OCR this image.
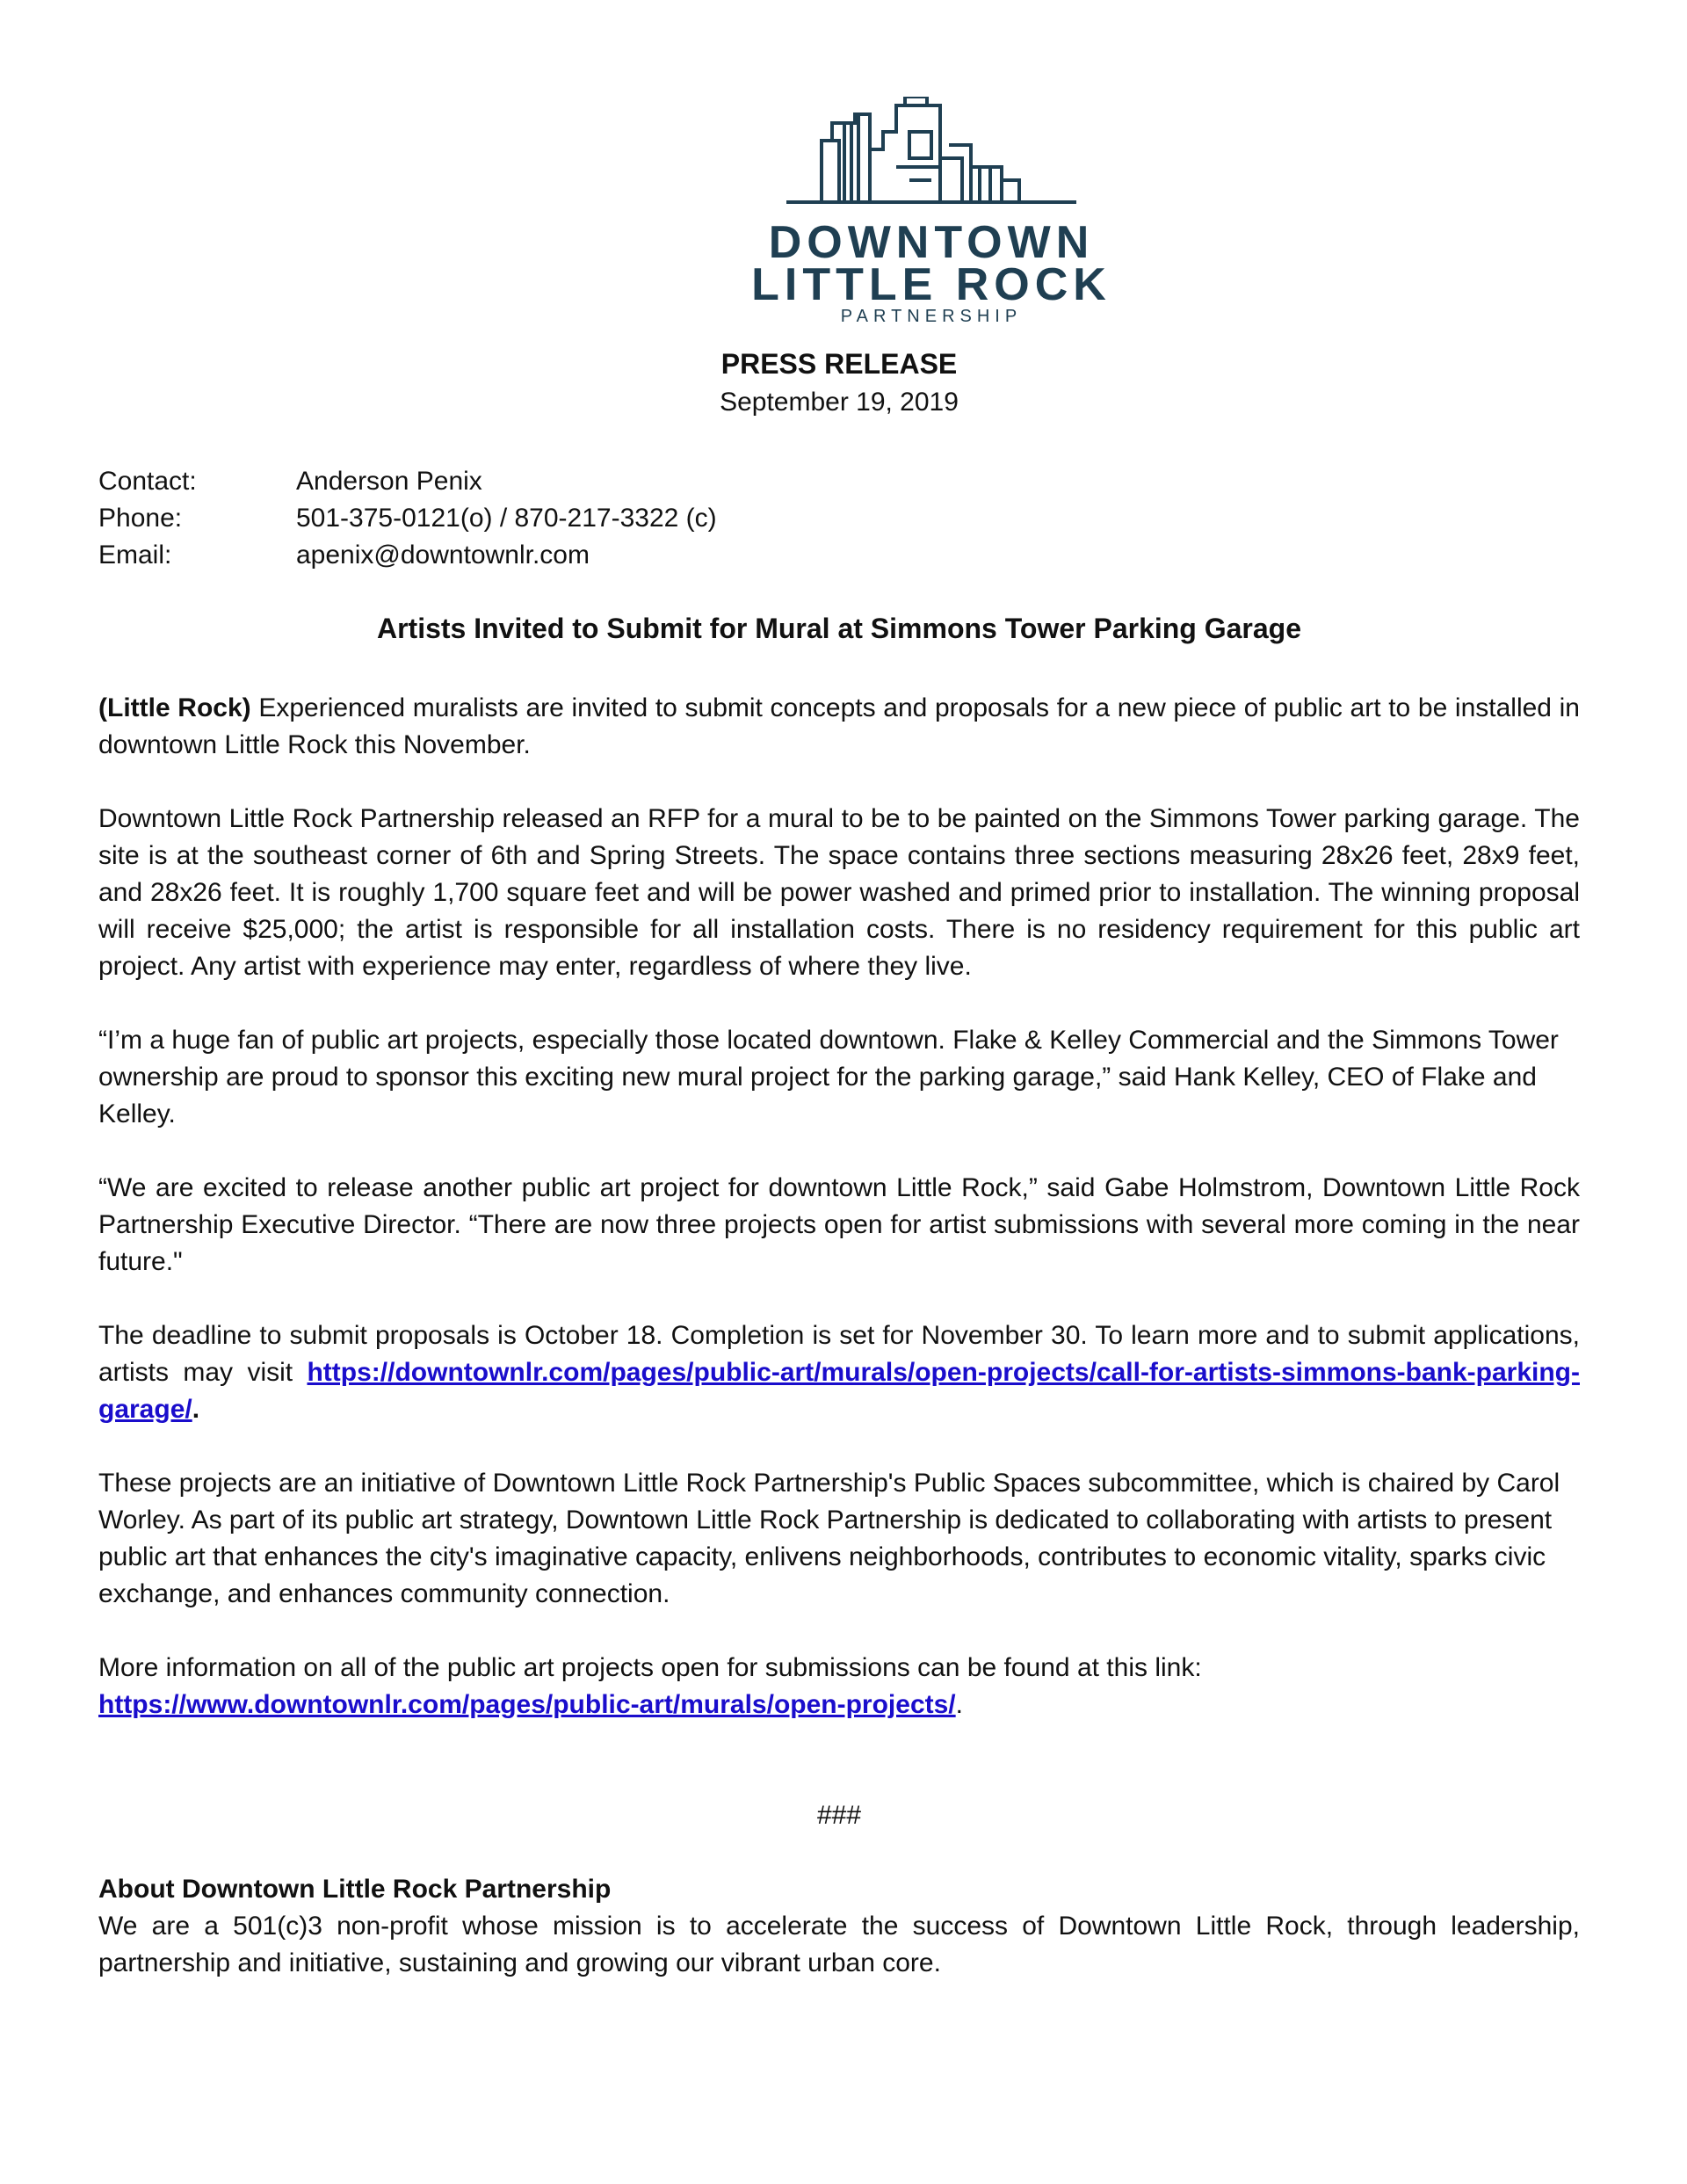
DOWNTOWN
LITTLE ROCK
PARTNERSHIP
PRESS RELEASE
September 19, 2019
Contact:	Anderson Penix
Phone:	501-375-0121(o) / 870-217-3322 (c)
Email:	apenix@downtownlr.com
Artists Invited to Submit for Mural at Simmons Tower Parking Garage

(Little Rock) Experienced muralists are invited to submit concepts and proposals for a new piece of public art to be installed in downtown Little Rock this November.

Downtown Little Rock Partnership released an RFP for a mural to be to be painted on the Simmons Tower parking garage. The site is at the southeast corner of 6th and Spring Streets. The space contains three sections measuring 28x26 feet, 28x9 feet, and 28x26 feet. It is roughly 1,700 square feet and will be power washed and primed prior to installation. The winning proposal will receive $25,000; the artist is responsible for all installation costs. There is no residency requirement for this public art project. Any artist with experience may enter, regardless of where they live.

“I’m a huge fan of public art projects, especially those located downtown. Flake & Kelley Commercial and the Simmons Tower ownership are proud to sponsor this exciting new mural project for the parking garage,” said Hank Kelley, CEO of Flake and Kelley.

“We are excited to release another public art project for downtown Little Rock,” said Gabe Holmstrom, Downtown Little Rock Partnership Executive Director. “There are now three projects open for artist submissions with several more coming in the near future."

The deadline to submit proposals is October 18. Completion is set for November 30. To learn more and to submit applications, artists may visit https://downtownlr.com/pages/public-art/murals/open-projects/call-for-artists-simmons-bank-parking-garage/.

These projects are an initiative of Downtown Little Rock Partnership's Public Spaces subcommittee, which is chaired by Carol Worley. As part of its public art strategy, Downtown Little Rock Partnership is dedicated to collaborating with artists to present public art that enhances the city's imaginative capacity, enlivens neighborhoods, contributes to economic vitality, sparks civic exchange, and enhances community connection.

More information on all of the public art projects open for submissions can be found at this link:
https://www.downtownlr.com/pages/public-art/murals/open-projects/.

###

About Downtown Little Rock Partnership

We are a 501(c)3 non-profit whose mission is to accelerate the success of Downtown Little Rock, through leadership, partnership and initiative, sustaining and growing our vibrant urban core.
